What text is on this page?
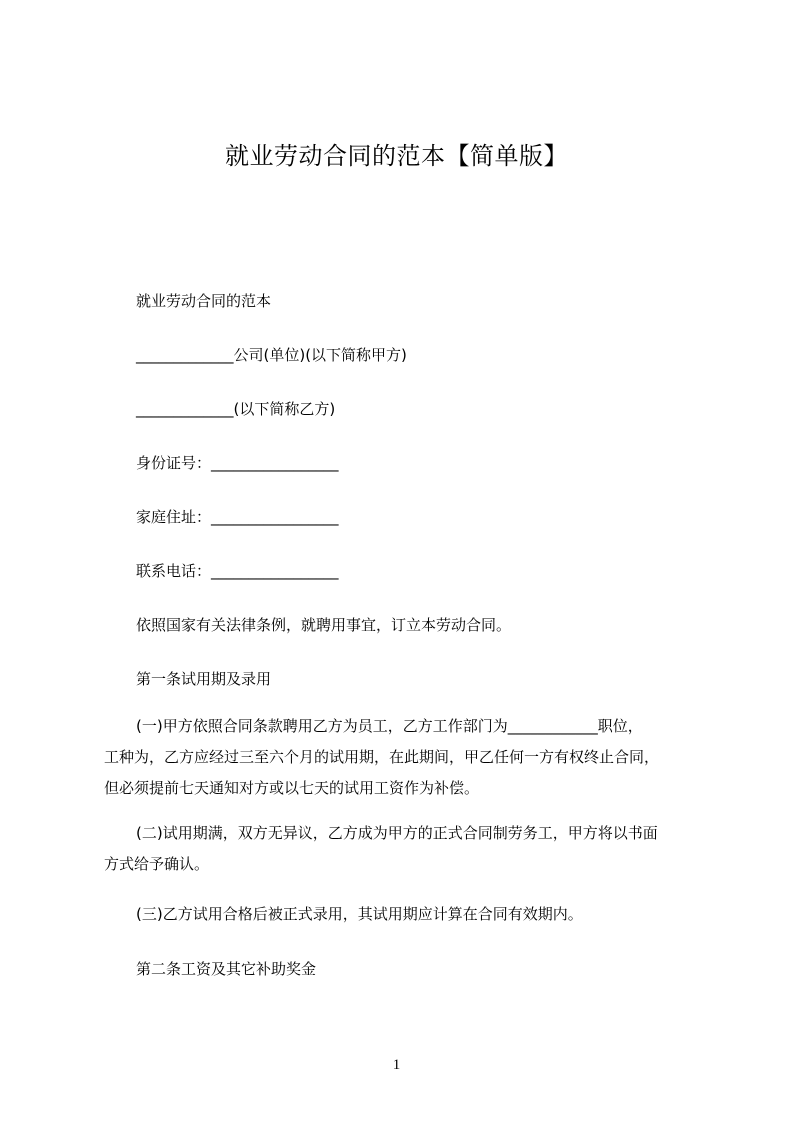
就业劳动合同的范本【简单版】
就业劳动合同的范本
_____________公司(单位)(以下简称甲方)
_____________(以下简称乙方)
身份证号：_________________
家庭住址：_________________
联系电话：_________________
依照国家有关法律条例，就聘用事宜，订立本劳动合同。
第一条试用期及录用
(一)甲方依照合同条款聘用乙方为员工，乙方工作部门为____________职位，
工种为，乙方应经过三至六个月的试用期，在此期间，甲乙任何一方有权终止合同，
但必须提前七天通知对方或以七天的试用工资作为补偿。
(二)试用期满，双方无异议，乙方成为甲方的正式合同制劳务工，甲方将以书面
方式给予确认。
(三)乙方试用合格后被正式录用，其试用期应计算在合同有效期内。
第二条工资及其它补助奖金
1
